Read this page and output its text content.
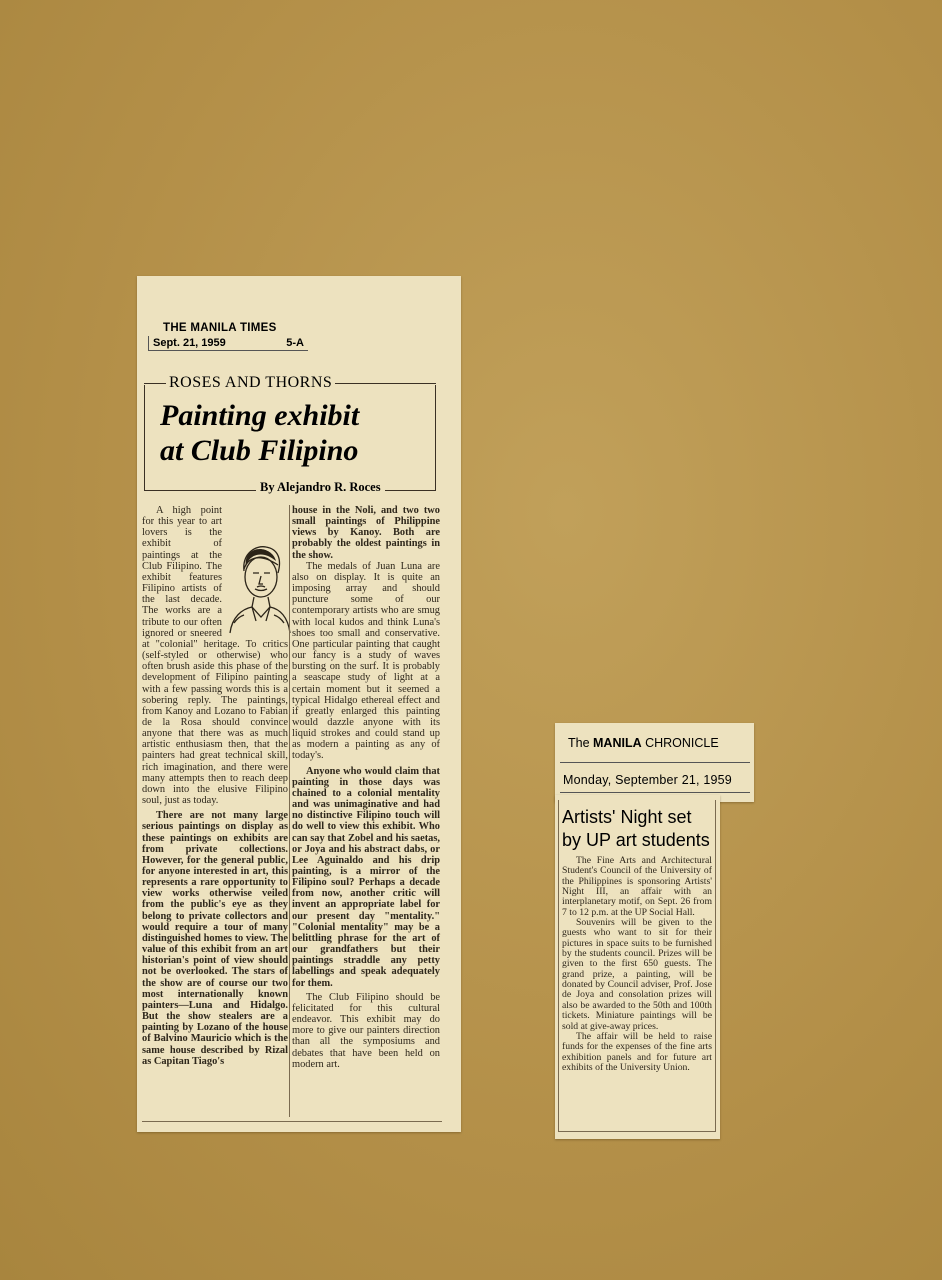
THE MANILA TIMES
Sept. 21, 1959	5-A
ROSES AND THORNS
Painting exhibit
at Club Filipino
By Alejandro R. Roces

A high point for this year to art lovers is the exhibit of paintings at the Club Filipino. The exhibit features Filipino artists of the last decade. The works are a tribute to our often ignored or sneered at "colonial" heritage. To critics (self-styled or otherwise) who often brush aside this phase of the development of Filipino painting with a few passing words this is a sobering reply. The paintings, from Kanoy and Lozano to Fabian de la Rosa should convince anyone that there was as much artistic enthusiasm then, that the painters had great technical skill, rich imagination, and there were many attempts then to reach deep down into the elusive Filipino soul, just as today.

There are not many large serious paintings on display as these paintings on exhibits are from private collections. However, for the general public, for anyone interested in art, this represents a rare opportunity to view works otherwise veiled from the public's eye as they belong to private collectors and would require a tour of many distinguished homes to view. The value of this exhibit from an art historian's point of view should not be overlooked. The stars of the show are of course our two most internationally known painters—Luna and Hidalgo. But the show stealers are a painting by Lozano of the house of Balvino Mauricio which is the same house described by Rizal as Capitan Tiago's

house in the Noli, and two two small paintings of Philippine views by Kanoy. Both are probably the oldest paintings in the show.

The medals of Juan Luna are also on display. It is quite an imposing array and should puncture some of our contemporary artists who are smug with local kudos and think Luna's shoes too small and conservative. One particular painting that caught our fancy is a study of waves bursting on the surf. It is probably a seascape study of light at a certain moment but it seemed a typical Hidalgo ethereal effect and if greatly enlarged this painting would dazzle anyone with its liquid strokes and could stand up as modern a painting as any of today's.

Anyone who would claim that painting in those days was chained to a colonial mentality and was unimaginative and had no distinctive Filipino touch will do well to view this exhibit. Who can say that Zobel and his saetas, or Joya and his abstract dabs, or Lee Aguinaldo and his drip painting, is a mirror of the Filipino soul? Perhaps a decade from now, another critic will invent an appropriate label for our present day "mentality." "Colonial mentality" may be a belittling phrase for the art of our grandfathers but their paintings straddle any petty labellings and speak adequately for them.

The Club Filipino should be felicitated for this cultural endeavor. This exhibit may do more to give our painters direction than all the symposiums and debates that have been held on modern art.

The MANILA CHRONICLE
Monday, September 21, 1959
Artists' Night set
by UP art students

The Fine Arts and Architectural Student's Council of the University of the Philippines is sponsoring Artists' Night III, an affair with an interplanetary motif, on Sept. 26 from 7 to 12 p.m. at the UP Social Hall.

Souvenirs will be given to the guests who want to sit for their pictures in space suits to be furnished by the students council. Prizes will be given to the first 650 guests. The grand prize, a painting, will be donated by Council adviser, Prof. Jose de Joya and consolation prizes will also be awarded to the 50th and 100th tickets. Miniature paintings will be sold at give-away prices.

The affair will be held to raise funds for the expenses of the fine arts exhibition panels and for future art exhibits of the University Union.
